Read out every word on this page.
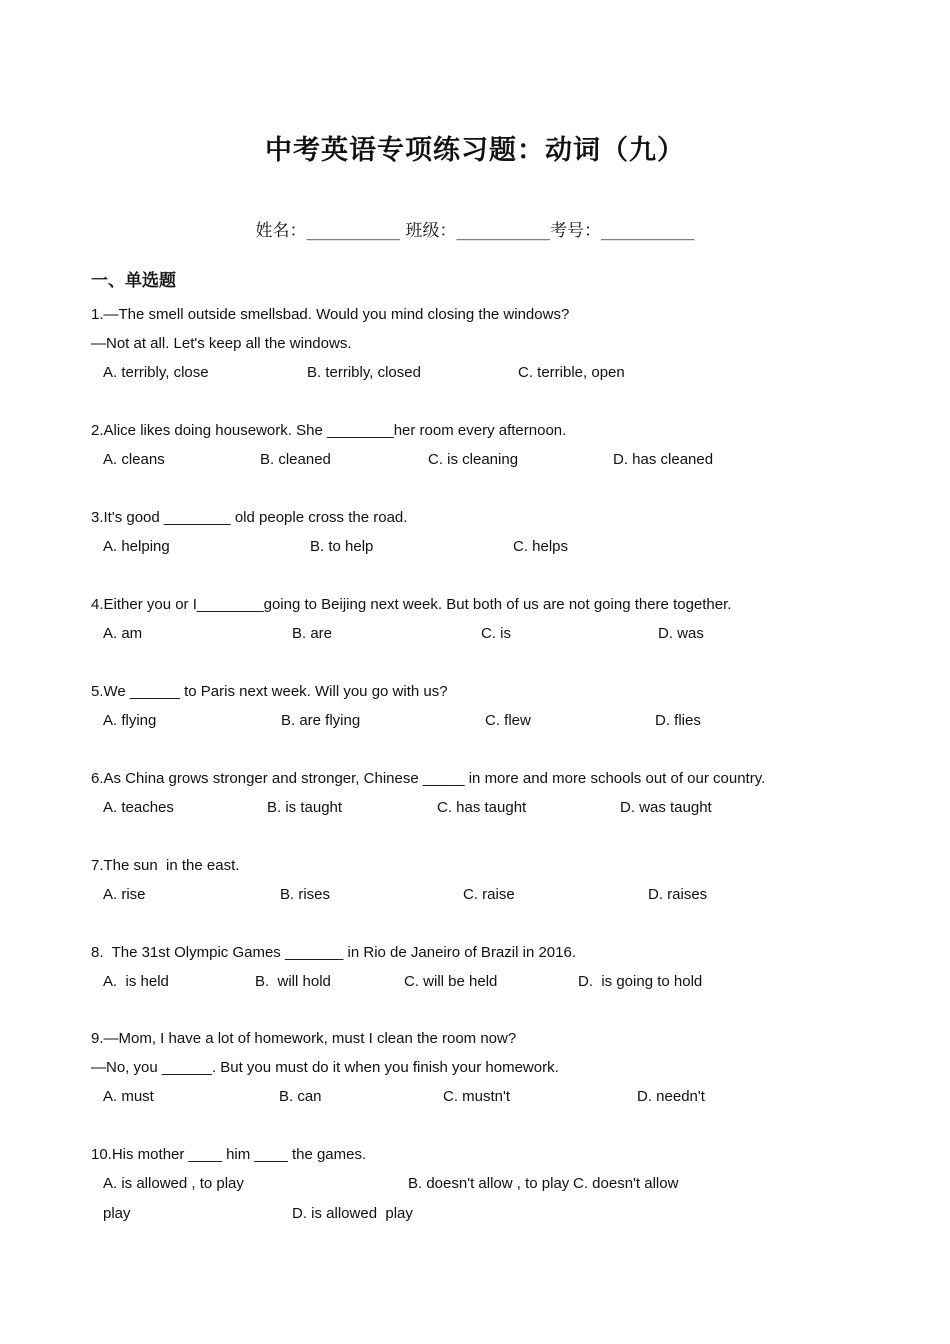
中考英语专项练习题：动词（九）
姓名：___________ 班级：___________考号：___________
一、单选题
1.—The smell outside smellsbad. Would you mind closing the windows?
—Not at all. Let's keep all the windows.
A. terribly, close	B. terribly, closed	C. terrible, open
2.Alice likes doing housework. She ________her room every afternoon.
A. cleans	B. cleaned	C. is cleaning	D. has cleaned
3.It's good ________ old people cross the road.
A. helping	B. to help	C. helps
4.Either you or I________going to Beijing next week. But both of us are not going there together.
A. am	B. are	C. is	D. was
5.We ______ to Paris next week. Will you go with us?
A. flying	B. are flying	C. flew	D. flies
6.As China grows stronger and stronger, Chinese _____ in more and more schools out of our country.
A. teaches	B. is taught	C. has taught	D. was taught
7.The sun  in the east.
A. rise	B. rises	C. raise	D. raises
8.  The 31st Olympic Games _______ in Rio de Janeiro of Brazil in 2016.
A.  is held	B.  will hold	C. will be held	D.  is going to hold
9.—Mom, I have a lot of homework, must I clean the room now?
—No, you ______. But you must do it when you finish your homework.
A. must	B. can	C. mustn't	D. needn't
10.His mother ____ him ____ the games.
A. is allowed , to play	B. doesn't allow , to play C. doesn't allow
play	D. is allowed  play
